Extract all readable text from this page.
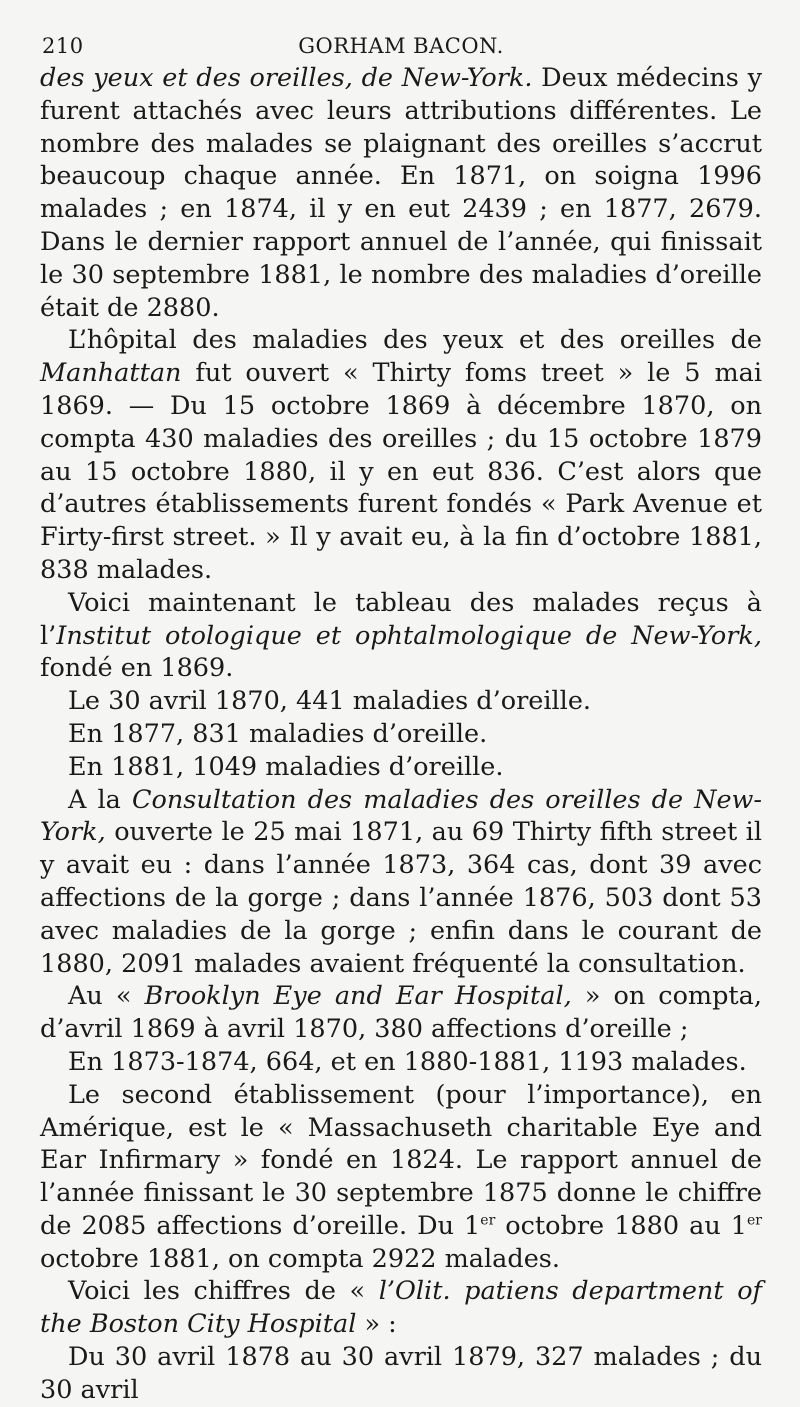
210	GORHAM BACON.
des yeux et des oreilles, de New-York. Deux médecins y furent attachés avec leurs attributions différentes. Le nombre des malades se plaignant des oreilles s’accrut beaucoup chaque année. En 1871, on soigna 1996 malades ; en 1874, il y en eut 2439 ; en 1877, 2679. Dans le dernier rapport annuel de l’année, qui finissait le 30 septembre 1881, le nombre des maladies d’oreille était de 2880.
L’hôpital des maladies des yeux et des oreilles de Manhattan fut ouvert « Thirty foms treet » le 5 mai 1869. — Du 15 octobre 1869 à décembre 1870, on compta 430 maladies des oreilles ; du 15 octobre 1879 au 15 octobre 1880, il y en eut 836. C’est alors que d’autres établissements furent fondés « Park Avenue et Firty-first street. » Il y avait eu, à la fin d’octobre 1881, 838 malades.
Voici maintenant le tableau des malades reçus à l’Institut otologique et ophtalmologique de New-York, fondé en 1869.
Le 30 avril 1870, 441 maladies d’oreille.
En 1877, 831 maladies d’oreille.
En 1881, 1049 maladies d’oreille.
A la Consultation des maladies des oreilles de New-York, ouverte le 25 mai 1871, au 69 Thirty fifth street il y avait eu : dans l’année 1873, 364 cas, dont 39 avec affections de la gorge ; dans l’année 1876, 503 dont 53 avec maladies de la gorge ; enfin dans le courant de 1880, 2091 malades avaient fréquenté la consultation.
Au « Brooklyn Eye and Ear Hospital, » on compta, d’avril 1869 à avril 1870, 380 affections d’oreille ;
En 1873-1874, 664, et en 1880-1881, 1193 malades.
Le second établissement (pour l’importance), en Amérique, est le « Massachuseth charitable Eye and Ear Infirmary » fondé en 1824. Le rapport annuel de l’année finissant le 30 septembre 1875 donne le chiffre de 2085 affections d’oreille. Du 1er octobre 1880 au 1er octobre 1881, on compta 2922 malades.
Voici les chiffres de « l’Olit. patiens department of the Boston City Hospital » :
Du 30 avril 1878 au 30 avril 1879, 327 malades ; du 30 avril
